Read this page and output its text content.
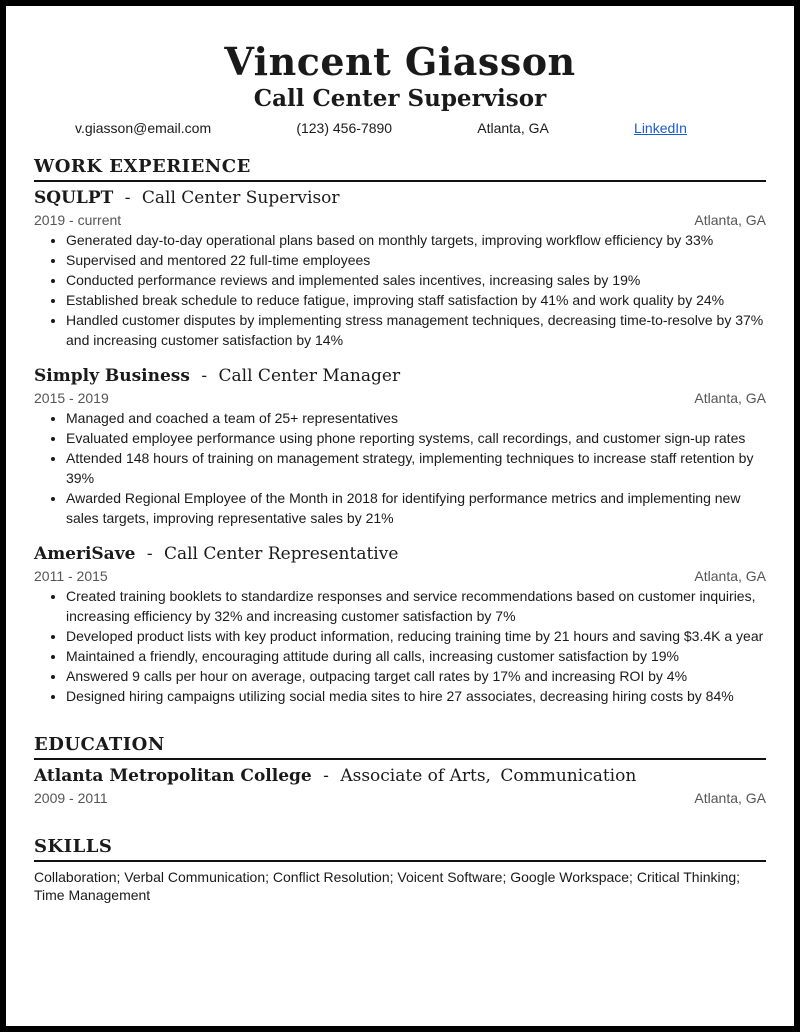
Vincent Giasson
Call Center Supervisor
v.giasson@email.com	(123) 456-7890	Atlanta, GA	LinkedIn
WORK EXPERIENCE
SQULPT - Call Center Supervisor
2019 - current	Atlanta, GA
• Generated day-to-day operational plans based on monthly targets, improving workflow efficiency by 33%
• Supervised and mentored 22 full-time employees
• Conducted performance reviews and implemented sales incentives, increasing sales by 19%
• Established break schedule to reduce fatigue, improving staff satisfaction by 41% and work quality by 24%
• Handled customer disputes by implementing stress management techniques, decreasing time-to-resolve by 37% and increasing customer satisfaction by 14%
Simply Business - Call Center Manager
2015 - 2019	Atlanta, GA
• Managed and coached a team of 25+ representatives
• Evaluated employee performance using phone reporting systems, call recordings, and customer sign-up rates
• Attended 148 hours of training on management strategy, implementing techniques to increase staff retention by 39%
• Awarded Regional Employee of the Month in 2018 for identifying performance metrics and implementing new sales targets, improving representative sales by 21%
AmeriSave - Call Center Representative
2011 - 2015	Atlanta, GA
• Created training booklets to standardize responses and service recommendations based on customer inquiries, increasing efficiency by 32% and increasing customer satisfaction by 7%
• Developed product lists with key product information, reducing training time by 21 hours and saving $3.4K a year
• Maintained a friendly, encouraging attitude during all calls, increasing customer satisfaction by 19%
• Answered 9 calls per hour on average, outpacing target call rates by 17% and increasing ROI by 4%
• Designed hiring campaigns utilizing social media sites to hire 27 associates, decreasing hiring costs by 84%
EDUCATION
Atlanta Metropolitan College - Associate of Arts, Communication
2009 - 2011	Atlanta, GA
SKILLS
Collaboration; Verbal Communication; Conflict Resolution; Voicent Software; Google Workspace; Critical Thinking; Time Management
